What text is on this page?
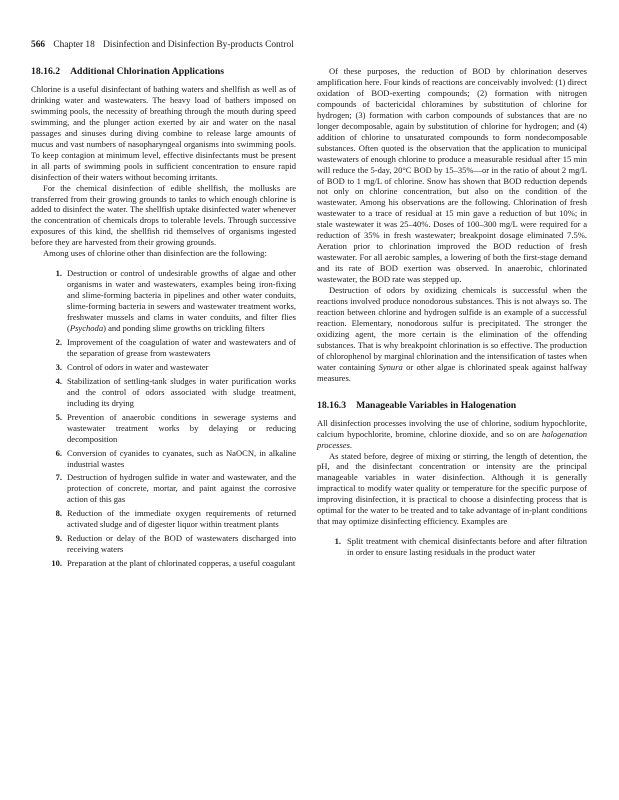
566 Chapter 18 Disinfection and Disinfection By-products Control
18.16.2 Additional Chlorination Applications

Chlorine is a useful disinfectant of bathing waters and shellfish as well as of drinking water and wastewaters. The heavy load of bathers imposed on swimming pools, the necessity of breathing through the mouth during speed swimming, and the plunger action exerted by air and water on the nasal passages and sinuses during diving combine to release large amounts of mucus and vast numbers of nasopharyngeal organisms into swimming pools. To keep contagion at minimum level, effective disinfectants must be present in all parts of swimming pools in sufficient concentration to ensure rapid disinfection of their waters without becoming irritants.

For the chemical disinfection of edible shellfish, the mollusks are transferred from their growing grounds to tanks to which enough chlorine is added to disinfect the water. The shellfish uptake disinfected water whenever the concentration of chemicals drops to tolerable levels. Through successive exposures of this kind, the shellfish rid themselves of organisms ingested before they are harvested from their growing grounds.

Among uses of chlorine other than disinfection are the following:

1. Destruction or control of undesirable growths of algae and other organisms in water and wastewaters, examples being iron-fixing and slime-forming bacteria in pipelines and other water conduits, slime-forming bacteria in sewers and wastewater treatment works, freshwater mussels and clams in water conduits, and filter flies (Psychoda) and ponding slime growths on trickling filters
2. Improvement of the coagulation of water and wastewaters and of the separation of grease from wastewaters
3. Control of odors in water and wastewater
4. Stabilization of settling-tank sludges in water purification works and the control of odors associated with sludge treatment, including its drying
5. Prevention of anaerobic conditions in sewerage systems and wastewater treatment works by delaying or reducing decomposition
6. Conversion of cyanides to cyanates, such as NaOCN, in alkaline industrial wastes
7. Destruction of hydrogen sulfide in water and wastewater, and the protection of concrete, mortar, and paint against the corrosive action of this gas
8. Reduction of the immediate oxygen requirements of returned activated sludge and of digester liquor within treatment plants
9. Reduction or delay of the BOD of wastewaters discharged into receiving waters
10. Preparation at the plant of chlorinated copperas, a useful coagulant

Of these purposes, the reduction of BOD by chlorination deserves amplification here. Four kinds of reactions are conceivably involved: (1) direct oxidation of BOD-exerting compounds; (2) formation with nitrogen compounds of bactericidal chloramines by substitution of chlorine for hydrogen; (3) formation with carbon compounds of substances that are no longer decomposable, again by substitution of chlorine for hydrogen; and (4) addition of chlorine to unsaturated compounds to form nondecomposable substances. Often quoted is the observation that the application to municipal wastewaters of enough chlorine to produce a measurable residual after 15 min will reduce the 5-day, 20°C BOD by 15–35%—or in the ratio of about 2 mg/L of BOD to 1 mg/L of chlorine. Snow has shown that BOD reduction depends not only on chlorine concentration, but also on the condition of the wastewater. Among his observations are the following. Chlorination of fresh wastewater to a trace of residual at 15 min gave a reduction of but 10%; in stale wastewater it was 25–40%. Doses of 100–300 mg/L were required for a reduction of 35% in fresh wastewater; breakpoint dosage eliminated 7.5%. Aeration prior to chlorination improved the BOD reduction of fresh wastewater. For all aerobic samples, a lowering of both the first-stage demand and its rate of BOD exertion was observed. In anaerobic, chlorinated wastewater, the BOD rate was stepped up.

Destruction of odors by oxidizing chemicals is successful when the reactions involved produce nonodorous substances. This is not always so. The reaction between chlorine and hydrogen sulfide is an example of a successful reaction. Elementary, nonodorous sulfur is precipitated. The stronger the oxidizing agent, the more certain is the elimination of the offending substances. That is why breakpoint chlorination is so effective. The production of chlorophenol by marginal chlorination and the intensification of tastes when water containing Synura or other algae is chlorinated speak against halfway measures.

18.16.3 Manageable Variables in Halogenation

All disinfection processes involving the use of chlorine, sodium hypochlorite, calcium hypochlorite, bromine, chlorine dioxide, and so on are halogenation processes.

As stated before, degree of mixing or stirring, the length of detention, the pH, and the disinfectant concentration or intensity are the principal manageable variables in water disinfection. Although it is generally impractical to modify water quality or temperature for the specific purpose of improving disinfection, it is practical to choose a disinfecting process that is optimal for the water to be treated and to take advantage of in-plant conditions that may optimize disinfecting efficiency. Examples are

1. Split treatment with chemical disinfectants before and after filtration in order to ensure lasting residuals in the product water
